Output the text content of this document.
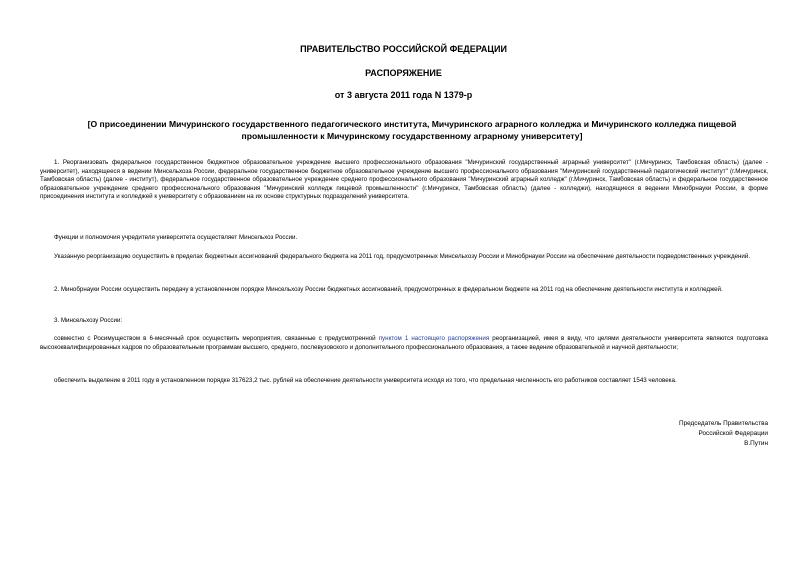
ПРАВИТЕЛЬСТВО РОССИЙСКОЙ ФЕДЕРАЦИИ
РАСПОРЯЖЕНИЕ
от 3 августа 2011 года N 1379-р
[О присоединении Мичуринского государственного педагогического института, Мичуринского аграрного колледжа и Мичуринского колледжа пищевой промышленности к Мичуринскому государственному аграрному университету]

1. Реорганизовать федеральное государственное бюджетное образовательное учреждение высшего профессионального образования "Мичуринский государственный аграрный университет" (г.Мичуринск, Тамбовская область) (далее - университет), находящееся в ведении Минсельхоза России, федеральное государственное бюджетное образовательное учреждение высшего профессионального образования "Мичуринский государственный педагогический институт" (г.Мичуринск, Тамбовская область) (далее - институт), федеральное государственное образовательное учреждение среднего профессионального образования "Мичуринский аграрный колледж" (г.Мичуринск, Тамбовская область) и федеральное государственное образовательное учреждение среднего профессионального образования "Мичуринский колледж пищевой промышленности" (г.Мичуринск, Тамбовская область) (далее - колледжи), находящиеся в ведении Минобрнауки России, в форме присоединения института и колледжей к университету с образованием на их основе структурных подразделений университета.

Функции и полномочия учредителя университета осуществляет Минсельхоз России.

Указанную реорганизацию осуществить в пределах бюджетных ассигнований федерального бюджета на 2011 год, предусмотренных Минсельхозу России и Минобрнауки России на обеспечение деятельности подведомственных учреждений.

2. Минобрнауки России осуществить передачу в установленном порядке Минсельхозу России бюджетных ассигнований, предусмотренных в федеральном бюджете на 2011 год на обеспечение деятельности института и колледжей.

3. Минсельхозу России:

совместно с Росимуществом в 6-месячный срок осуществить мероприятия, связанные с предусмотренной пунктом 1 настоящего распоряжения реорганизацией, имея в виду, что целями деятельности университета являются подготовка высококвалифицированных кадров по образовательным программам высшего, среднего, послевузовского и дополнительного профессионального образования, а также ведение образовательной и научной деятельности;

обеспечить выделение в 2011 году в установленном порядке 317623,2 тыс. рублей на обеспечение деятельности университета исходя из того, что предельная численность его работников составляет 1543 человека.

Председатель Правительства
Российской Федерации
В.Путин
